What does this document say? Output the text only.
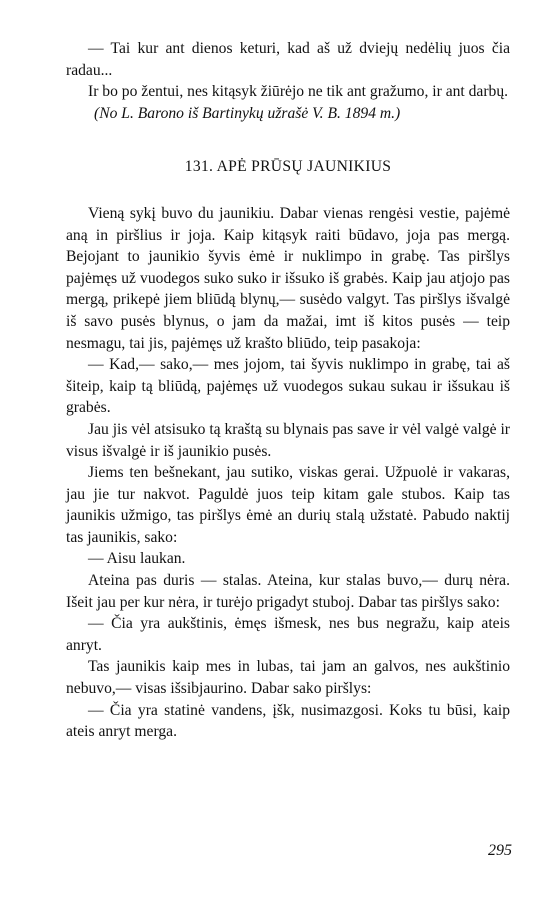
— Tai kur ant dienos keturi, kad aš už dviejų nedėlių juos čia radau...

Ir bo po žentui, nes kitąsyk žiūrėjo ne tik ant gražumo, ir ant darbų.

(No L. Barono iš Bartinykų užrašė V. B. 1894 m.)

131. APĖ PRŪSŲ JAUNIKIUS

Vieną sykį buvo du jaunikiu. Dabar vienas rengėsi vestie, pajėmė aną in piršlius ir joja. Kaip kitąsyk raiti būdavo, joja pas mergą. Bejojant to jaunikio šyvis ėmė ir nuklimpo in grabę. Tas piršlys pajėmęs už vuodegos suko suko ir išsuko iš grabės. Kaip jau atjojo pas mergą, prikepė jiem bliūdą blynų,— susėdo valgyt. Tas piršlys išvalgė iš savo pusės blynus, o jam da mažai, imt iš kitos pusės — teip nesmagu, tai jis, pajėmęs už krašto bliūdo, teip pasakoja:

— Kad,— sako,— mes jojom, tai šyvis nuklimpo in grabę, tai aš šiteip, kaip tą bliūdą, pajėmęs už vuodegos sukau sukau ir išsukau iš grabės.

Jau jis vėl atsisuko tą kraštą su blynais pas save ir vėl valgė valgė ir visus išvalgė ir iš jaunikio pusės.

Jiems ten bešnekant, jau sutiko, viskas gerai. Užpuolė ir vakaras, jau jie tur nakvot. Paguldė juos teip kitam gale stubos. Kaip tas jaunikis užmigo, tas piršlys ėmė an durių stalą užstatė. Pabudo naktij tas jaunikis, sako:

— Aisu laukan.

Ateina pas duris — stalas. Ateina, kur stalas buvo,— durų nėra. Išeit jau per kur nėra, ir turėjo prigadyt stuboj. Dabar tas piršlys sako:

— Čia yra aukštinis, ėmęs išmesk, nes bus negražu, kaip ateis anryt.

Tas jaunikis kaip mes in lubas, tai jam an galvos, nes aukštinio nebuvo,— visas išsibjaurino. Dabar sako piršlys:

— Čia yra statinė vandens, įšk, nusimazgosi. Koks tu būsi, kaip ateis anryt merga.

295
